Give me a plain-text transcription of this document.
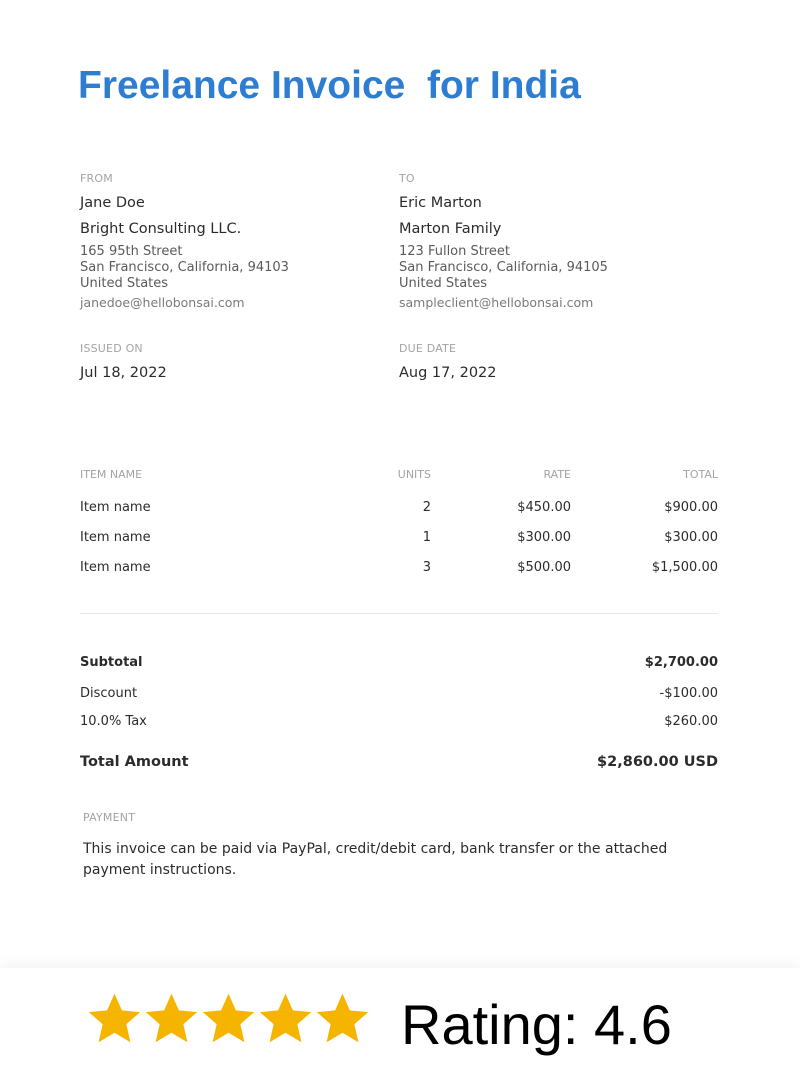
Freelance Invoice  for India
FROM
Jane Doe
Bright Consulting LLC.
165 95th Street
San Francisco, California, 94103
United States
janedoe@hellobonsai.com
TO
Eric Marton
Marton Family
123 Fullon Street
San Francisco, California, 94105
United States
sampleclient@hellobonsai.com
ISSUED ON
Jul 18, 2022
DUE DATE
Aug 17, 2022
ITEM NAME	UNITS	RATE	TOTAL
Item name	2	$450.00	$900.00
Item name	1	$300.00	$300.00
Item name	3	$500.00	$1,500.00
Subtotal	$2,700.00
Discount	-$100.00
10.0% Tax	$260.00
Total Amount	$2,860.00 USD
PAYMENT
This invoice can be paid via PayPal, credit/debit card, bank transfer or the attached payment instructions.
Rating: 4.6
